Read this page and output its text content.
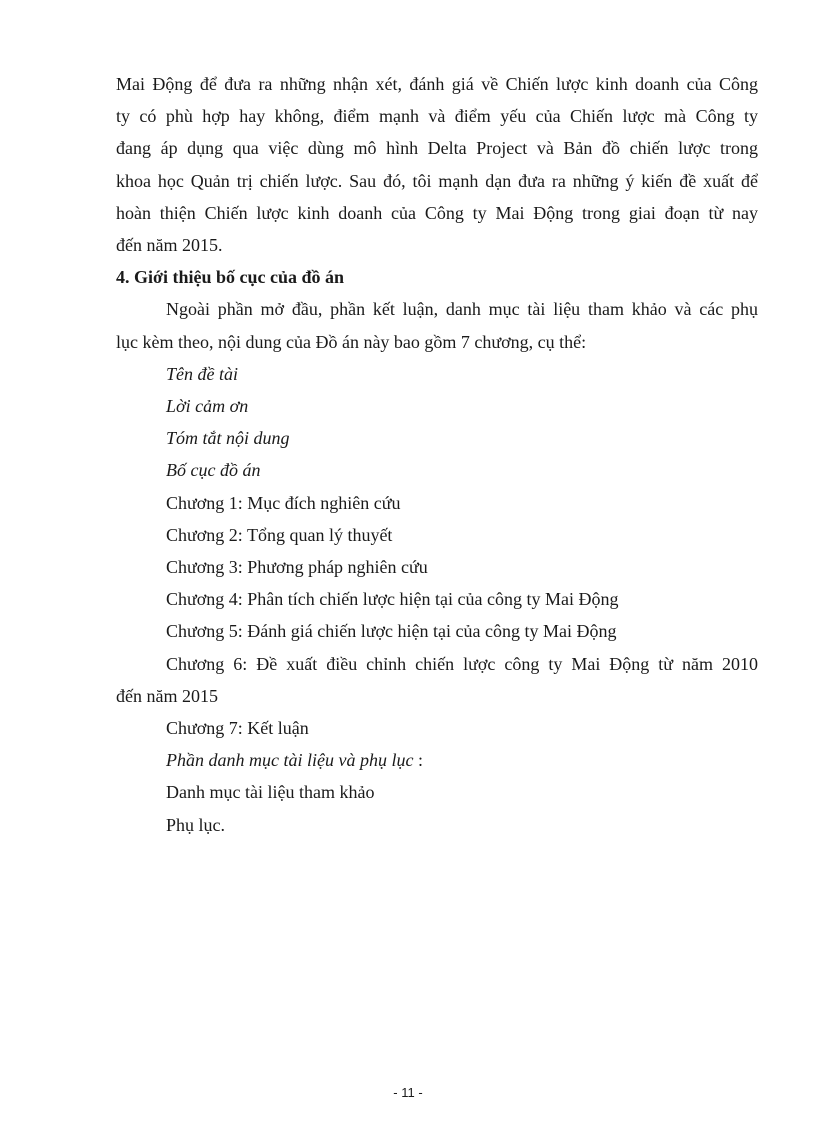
Mai Động để đưa ra những nhận xét, đánh giá về Chiến lược kinh doanh của Công

ty có phù hợp hay không, điểm mạnh và điểm yếu của Chiến lược mà Công ty

đang áp dụng qua việc dùng mô hình Delta Project và Bản đồ chiến lược trong

khoa học Quản trị chiến lược. Sau đó, tôi mạnh dạn đưa ra những ý kiến đề xuất để

hoàn thiện Chiến lược kinh doanh của Công ty Mai Động trong giai đoạn từ nay

đến năm 2015.

4. Giới thiệu bố cục của đồ án

Ngoài phần mở đầu, phần kết luận, danh mục tài liệu tham khảo và các phụ

lục kèm theo, nội dung của Đồ án này bao gồm 7 chương, cụ thể:

Tên đề tài

Lời cảm ơn

Tóm tắt nội dung

Bố cục đồ án

Chương 1: Mục đích nghiên cứu

Chương 2: Tổng quan lý thuyết

Chương 3: Phương pháp nghiên cứu

Chương 4: Phân tích chiến lược hiện tại của công ty Mai Động

Chương 5: Đánh giá chiến lược hiện tại của công ty Mai Động

Chương 6: Đề xuất điều chỉnh chiến lược công ty Mai Động từ năm 2010

đến năm 2015

Chương 7: Kết luận

Phần danh mục tài liệu và phụ lục :

Danh mục tài liệu tham khảo

Phụ lục.

- 11 -
